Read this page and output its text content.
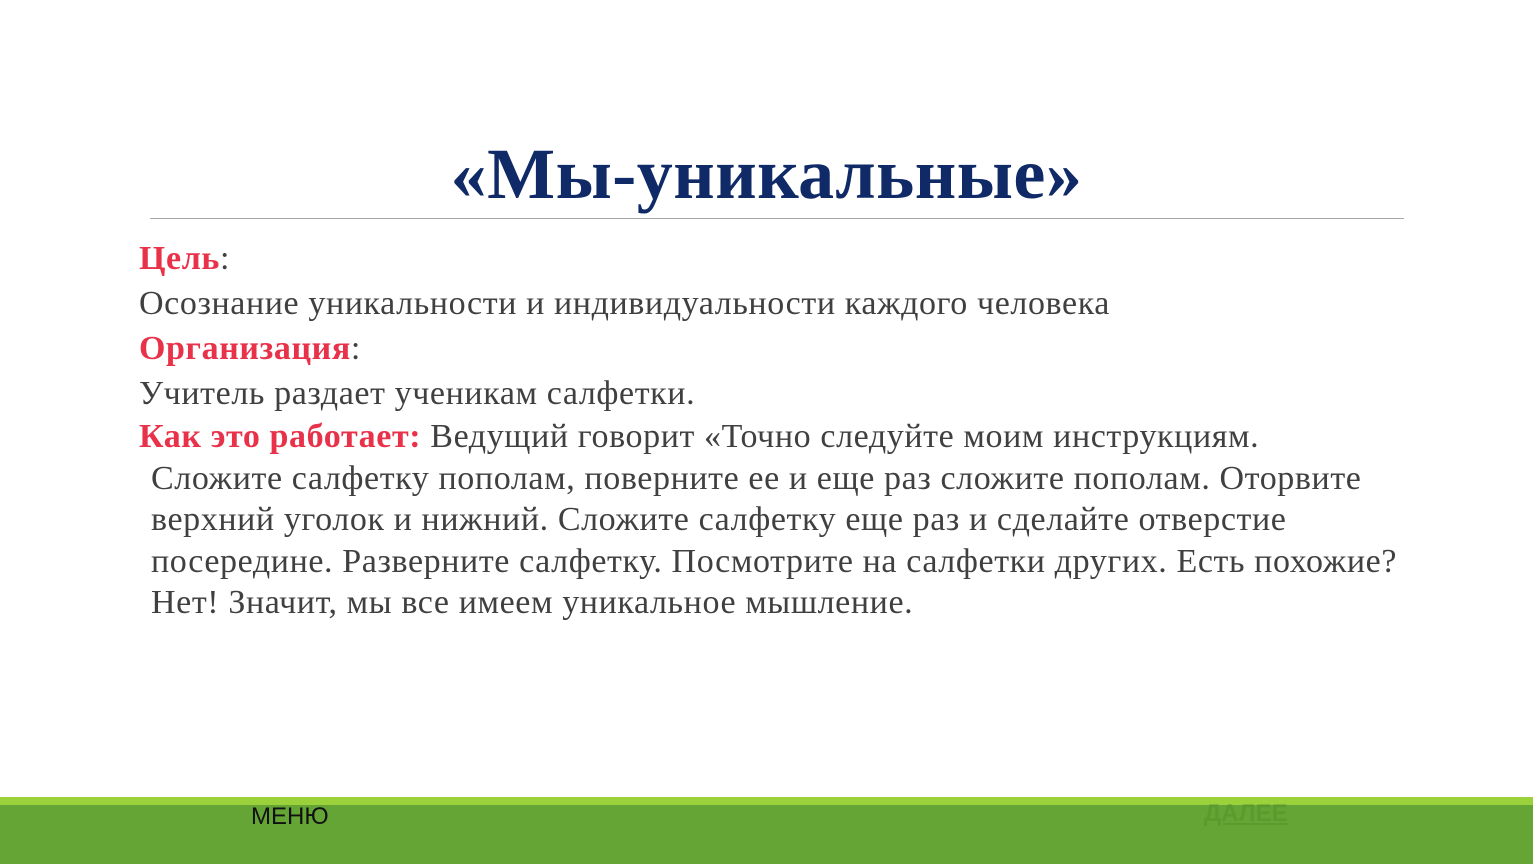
«Мы-уникальные»

Цель:

Осознание уникальности и индивидуальности каждого человека

Организация:

Учитель раздает ученикам салфетки.

Как это работает: Ведущий говорит «Точно следуйте моим инструкциям. Сложите салфетку пополам, поверните ее и еще раз сложите пополам. Оторвите верхний уголок и нижний. Сложите салфетку еще раз и сделайте отверстие посередине. Разверните салфетку. Посмотрите на салфетки других. Есть похожие? Нет! Значит, мы все имеем уникальное мышление.

МЕНЮ	ДАЛЕЕ
